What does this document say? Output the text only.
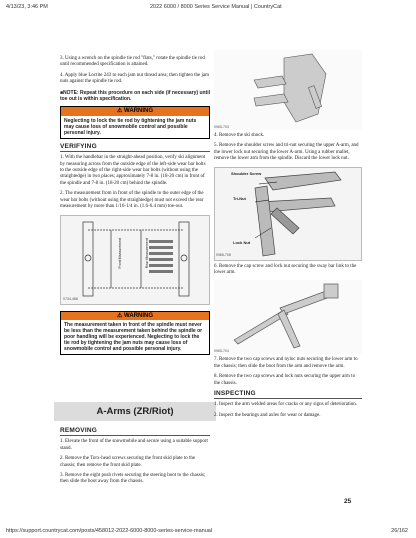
4/13/23, 3:46 PM	2022 6000 / 8000 Series Service Manual | CountryCat
https://support.countrycat.com/posts/458012-2022-6000-8000-series-service-manual	26/162

3. Using a wrench on the spindle tie rod "flats," rotate the spindle tie rod until recommended specification is attained.

4. Apply blue Loctite 243 to each jam nut thread area; then tighten the jam nuts against the spindle tie rod.

■NOTE: Repeat this procedure on each side (if necessary) until toe out is within specification.

⚠ WARNING
Neglecting to lock the tie rod by tightening the jam nuts may cause loss of snowmobile control and possible personal injury.
VERIFYING

1. With the handlebar in the straight-ahead position, verify ski alignment by measuring across from the outside edge of the left-side wear bar bolts to the outside edge of the right-side wear bar bolts (without using the straightedge) in two places; approximately 7-8 in. (18-20 cm) in front of the spindle and 7-8 in. (18-20 cm) behind the spindle.

2. The measurement from in front of the spindle to the outer edge of the wear bar bolts (without using the straightedge) must not exceed the rear measurement by more than 1/16-1/4 in. (1.6-6.4 mm) toe-out.

Front Measurement	Rear Measurement
0734-488
⚠ WARNING
The measurement taken in front of the spindle must never be less than the measurement taken behind the spindle or poor handling will be experienced. Neglecting to lock the tie rod by tightening the jam nuts may cause loss of snowmobile control and possible personal injury.
A-Arms (ZR/Riot)
REMOVING

1. Elevate the front of the snowmobile and secure using a suitable support stand.

2. Remove the Torx-head screws securing the front skid plate to the chassis; then remove the front skid plate.

3. Remove the eight push rivets securing the steering boot to the chassis; then slide the boot away from the chassis.

0965-703

4. Remove the ski shock.

5. Remove the shoulder screw and tri-nut securing the upper A-arm, and the lower lock nut securing the lower A-arm. Using a rubber mallet, remove the lower arm from the spindle. Discard the lower lock nut.

Shoulder Screw
Tri-Nut
Lock Nut
0965-708

6. Remove the cap screw and lock nut securing the sway bar link to the lower arm.

0965-704

7. Remove the two cap screws and nyloc nuts securing the lower arm to the chassis; then slide the boot from the arm and remove the arm.

8. Remove the two cap screws and lock nuts securing the upper arm to the chassis.

INSPECTING

1. Inspect the arm welded areas for cracks or any signs of deterioration.

2. Inspect the bearings and axles for wear or damage.

25
